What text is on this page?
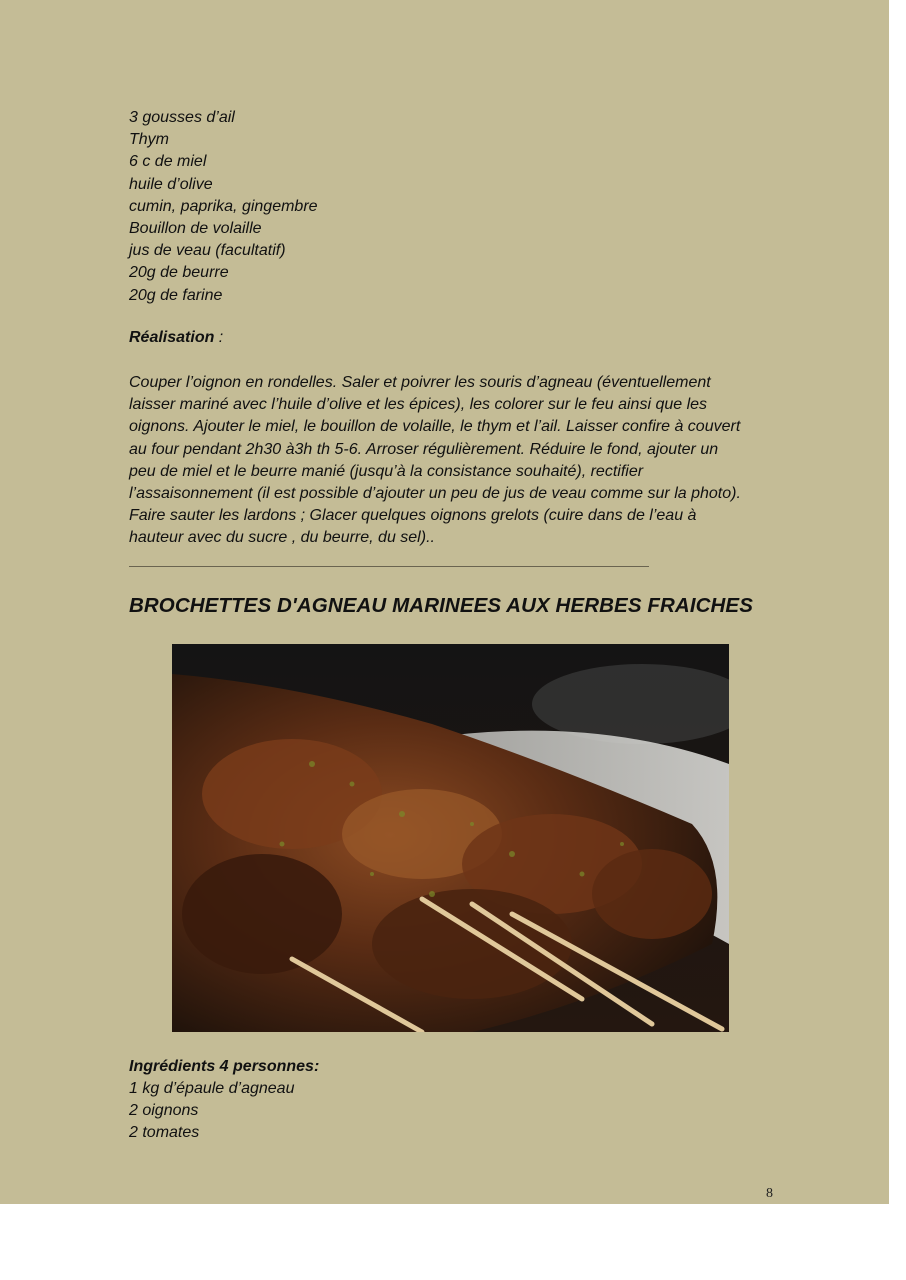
3 gousses d’ail
Thym
6 c de miel
huile d’olive
cumin, paprika, gingembre
Bouillon de volaille
jus de veau (facultatif)
20g de beurre
20g de farine
Réalisation :
Couper l’oignon en rondelles. Saler et poivrer les souris d’agneau (éventuellement
laisser mariné avec l’huile d’olive et les épices), les colorer sur le feu ainsi que les
oignons. Ajouter le miel, le bouillon de volaille, le thym et l’ail. Laisser confire à couvert
au four pendant 2h30 à3h th 5-6. Arroser régulièrement. Réduire le fond, ajouter un
peu de miel et le beurre manié (jusqu’à la consistance souhaité), rectifier
l’assaisonnement (il est possible d’ajouter un peu de jus de veau comme sur la photo).
Faire sauter les lardons ; Glacer quelques oignons grelots (cuire dans de l’eau à
hauteur avec du sucre , du beurre, du sel)..
BROCHETTES D'AGNEAU MARINEES AUX HERBES FRAICHES
Ingrédients 4 personnes:
1 kg d’épaule d’agneau
2 oignons
2 tomates
8
